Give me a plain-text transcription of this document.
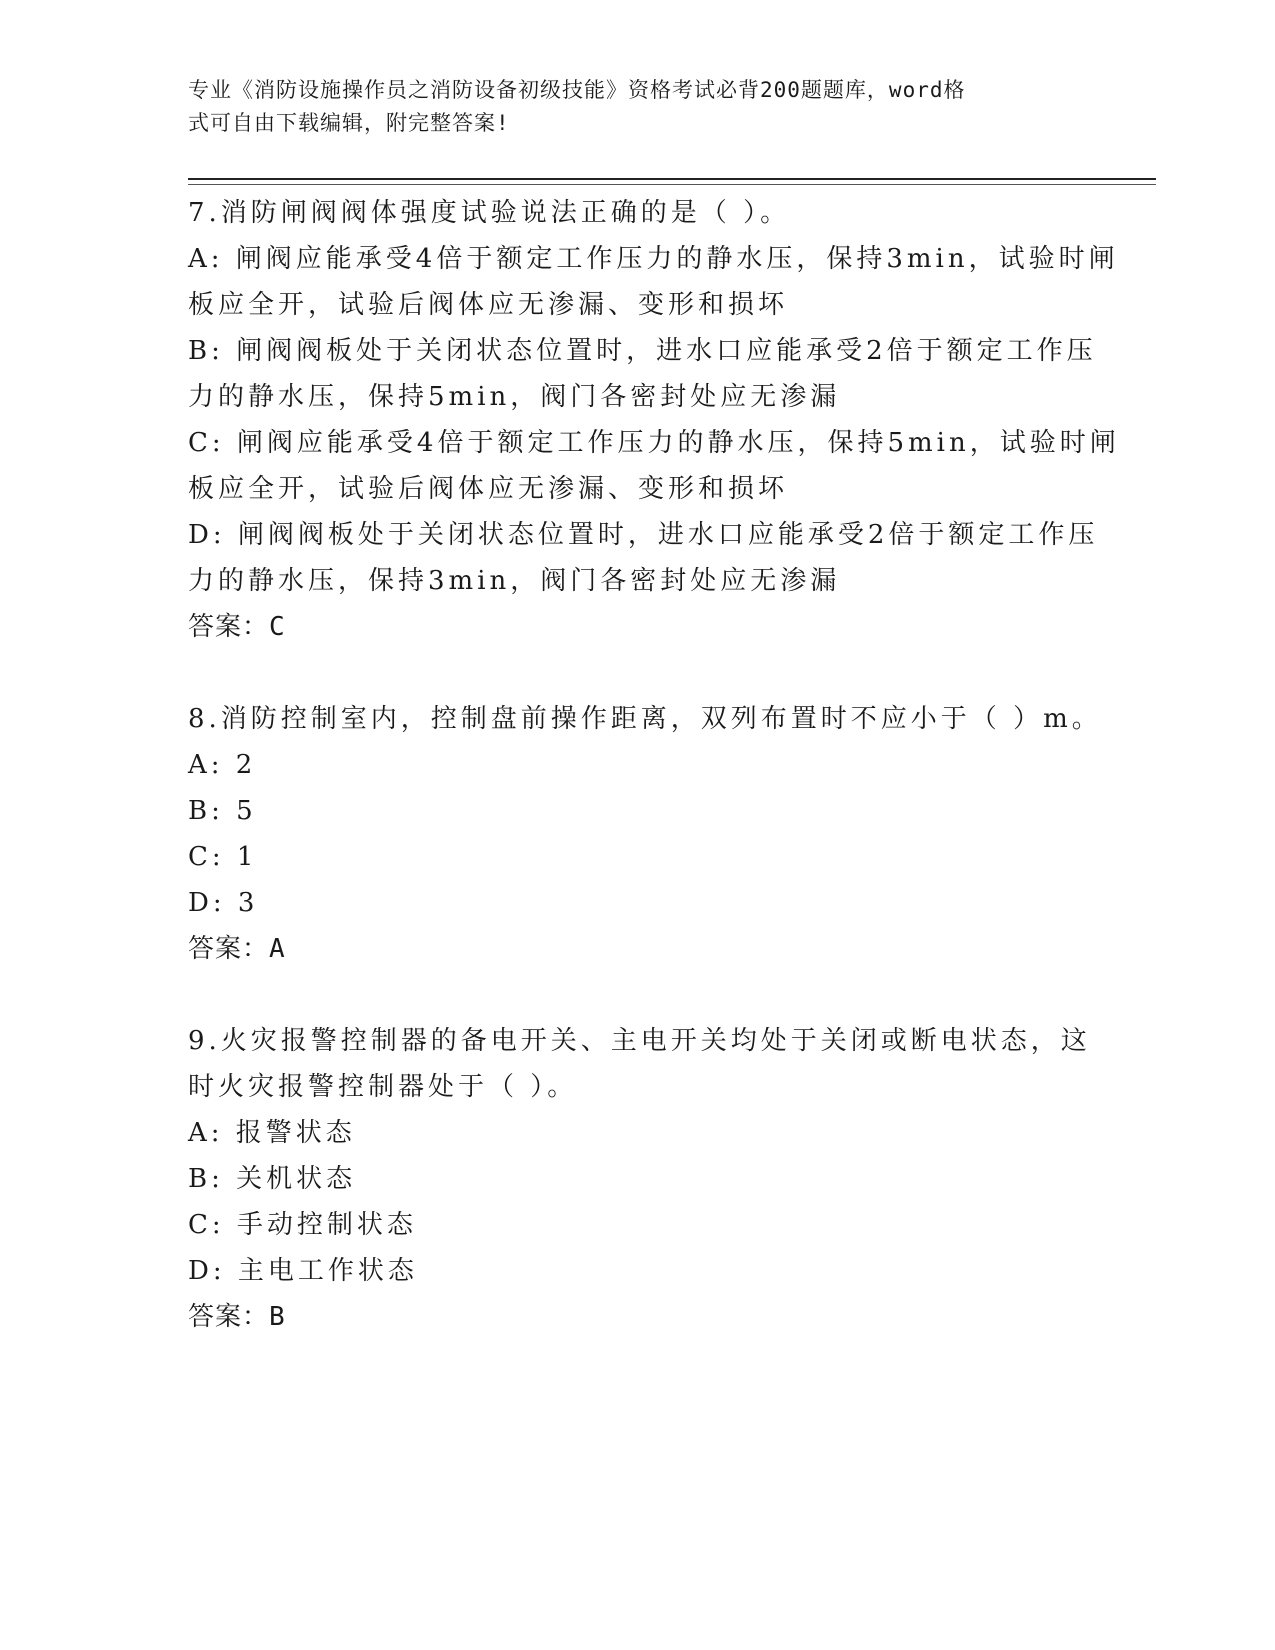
专业《消防设施操作员之消防设备初级技能》资格考试必背200题题库，word格
式可自由下载编辑，附完整答案!
7.消防闸阀阀体强度试验说法正确的是（ ）。
A: 闸阀应能承受4倍于额定工作压力的静水压，保持3min，试验时闸
板应全开，试验后阀体应无渗漏、变形和损坏
B: 闸阀阀板处于关闭状态位置时，进水口应能承受2倍于额定工作压
力的静水压，保持5min，阀门各密封处应无渗漏
C: 闸阀应能承受4倍于额定工作压力的静水压，保持5min，试验时闸
板应全开，试验后阀体应无渗漏、变形和损坏
D: 闸阀阀板处于关闭状态位置时，进水口应能承受2倍于额定工作压
力的静水压，保持3min，阀门各密封处应无渗漏
答案：C
8.消防控制室内，控制盘前操作距离，双列布置时不应小于（ ）m。
A: 2
B: 5
C: 1
D: 3
答案：A
9.火灾报警控制器的备电开关、主电开关均处于关闭或断电状态，这
时火灾报警控制器处于（ ）。
A: 报警状态
B: 关机状态
C: 手动控制状态
D: 主电工作状态
答案：B
